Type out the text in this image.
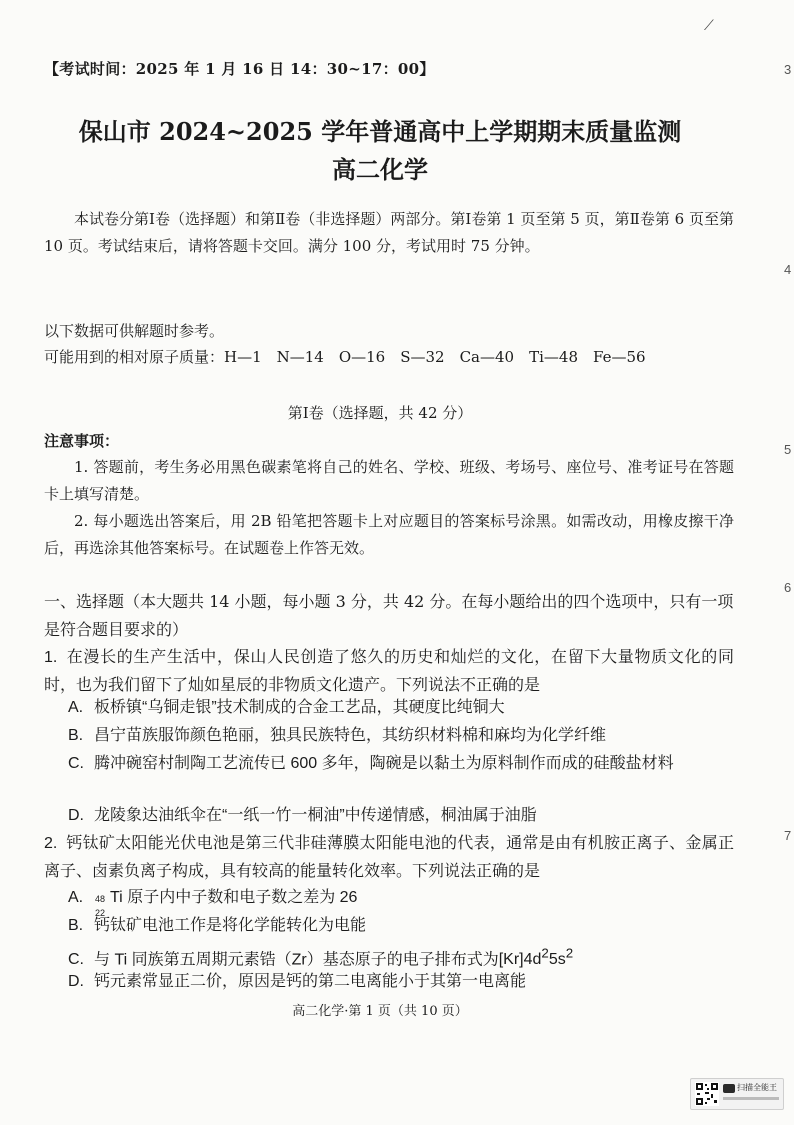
⟋
【考试时间：2025 年 1 月 16 日 14：30~17：00】
保山市 2024~2025 学年普通高中上学期期末质量监测
高二化学
本试卷分第Ⅰ卷（选择题）和第Ⅱ卷（非选择题）两部分。第Ⅰ卷第 1 页至第 5 页，第Ⅱ卷第 6 页至第 10 页。考试结束后，请将答题卡交回。满分 100 分，考试用时 75 分钟。
以下数据可供解题时参考。
可能用到的相对原子质量：H—1　N—14　O—16　S—32　Ca—40　Ti—48　Fe—56
第Ⅰ卷（选择题，共 42 分）
注意事项：
1. 答题前，考生务必用黑色碳素笔将自己的姓名、学校、班级、考场号、座位号、准考证号在答题卡上填写清楚。
2. 每小题选出答案后，用 2B 铅笔把答题卡上对应题目的答案标号涂黑。如需改动，用橡皮擦干净后，再选涂其他答案标号。在试题卷上作答无效。
一、选择题（本大题共 14 小题，每小题 3 分，共 42 分。在每小题给出的四个选项中，只有一项是符合题目要求的）
1. 在漫长的生产生活中，保山人民创造了悠久的历史和灿烂的文化，在留下大量物质文化的同时，也为我们留下了灿如星辰的非物质文化遗产。下列说法不正确的是
A. 板桥镇“乌铜走银”技术制成的合金工艺品，其硬度比纯铜大
B. 昌宁苗族服饰颜色艳丽，独具民族特色，其纺织材料棉和麻均为化学纤维
C. 腾冲碗窑村制陶工艺流传已 600 多年，陶碗是以黏土为原料制作而成的硅酸盐材料
D. 龙陵象达油纸伞在“一纸一竹一桐油”中传递情感，桐油属于油脂
2. 钙钛矿太阳能光伏电池是第三代非硅薄膜太阳能电池的代表，通常是由有机胺正离子、金属正离子、卤素负离子构成，具有较高的能量转化效率。下列说法正确的是
A. 48
22
Ti 原子内中子数和电子数之差为 26
B. 钙钛矿电池工作是将化学能转化为电能
C. 与 Ti 同族第五周期元素锆（Zr）基态原子的电子排布式为$[Kr]4d^25s^2$
D. 钙元素常显正二价，原因是钙的第二电离能小于其第一电离能
高二化学·第 1 页（共 10 页）
3
4
5
6
7
扫描全能王
